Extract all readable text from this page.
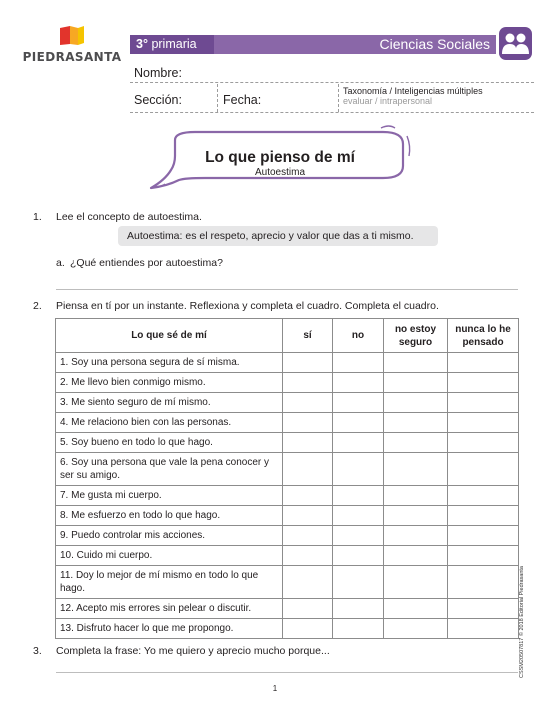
PIEDRASANTA
3° primaria	Ciencias Sociales
Nombre:
Sección:	Fecha:
Taxonomía / Inteligencias múltiples
evaluar / intrapersonal
Lo que pienso de mí
Autoestima
1. Lee el concepto de autoestima.
Autoestima: es el respeto, aprecio y valor que das a ti mismo.
a. ¿Qué entiendes por autoestima?
2. Piensa en tí por un instante. Reflexiona y completa el cuadro. Completa el cuadro.
Lo que sé de mí	sí	no	no estoy seguro	nunca lo he pensado
1. Soy una persona segura de sí misma.				
2. Me llevo bien conmigo mismo.				
3. Me siento seguro de mí mismo.				
4. Me relaciono bien con las personas.				
5. Soy bueno en todo lo que hago.				
6. Soy una persona que vale la pena conocer y ser su amigo.				
7. Me gusta mi cuerpo.				
8. Me esfuerzo en todo lo que hago.				
9. Puedo controlar mis acciones.				
10. Cuido mi cuerpo.				
11. Doy lo mejor de mí mismo en todo lo que hago.				
12. Acepto mis errores sin pelear o discutir.				
13. Disfruto hacer lo que me propongo.				
3. Completa la frase: Yo me quiero y aprecio mucho porque...	CSSM20507817 © 2018 Editorial Piedrasanta
1
